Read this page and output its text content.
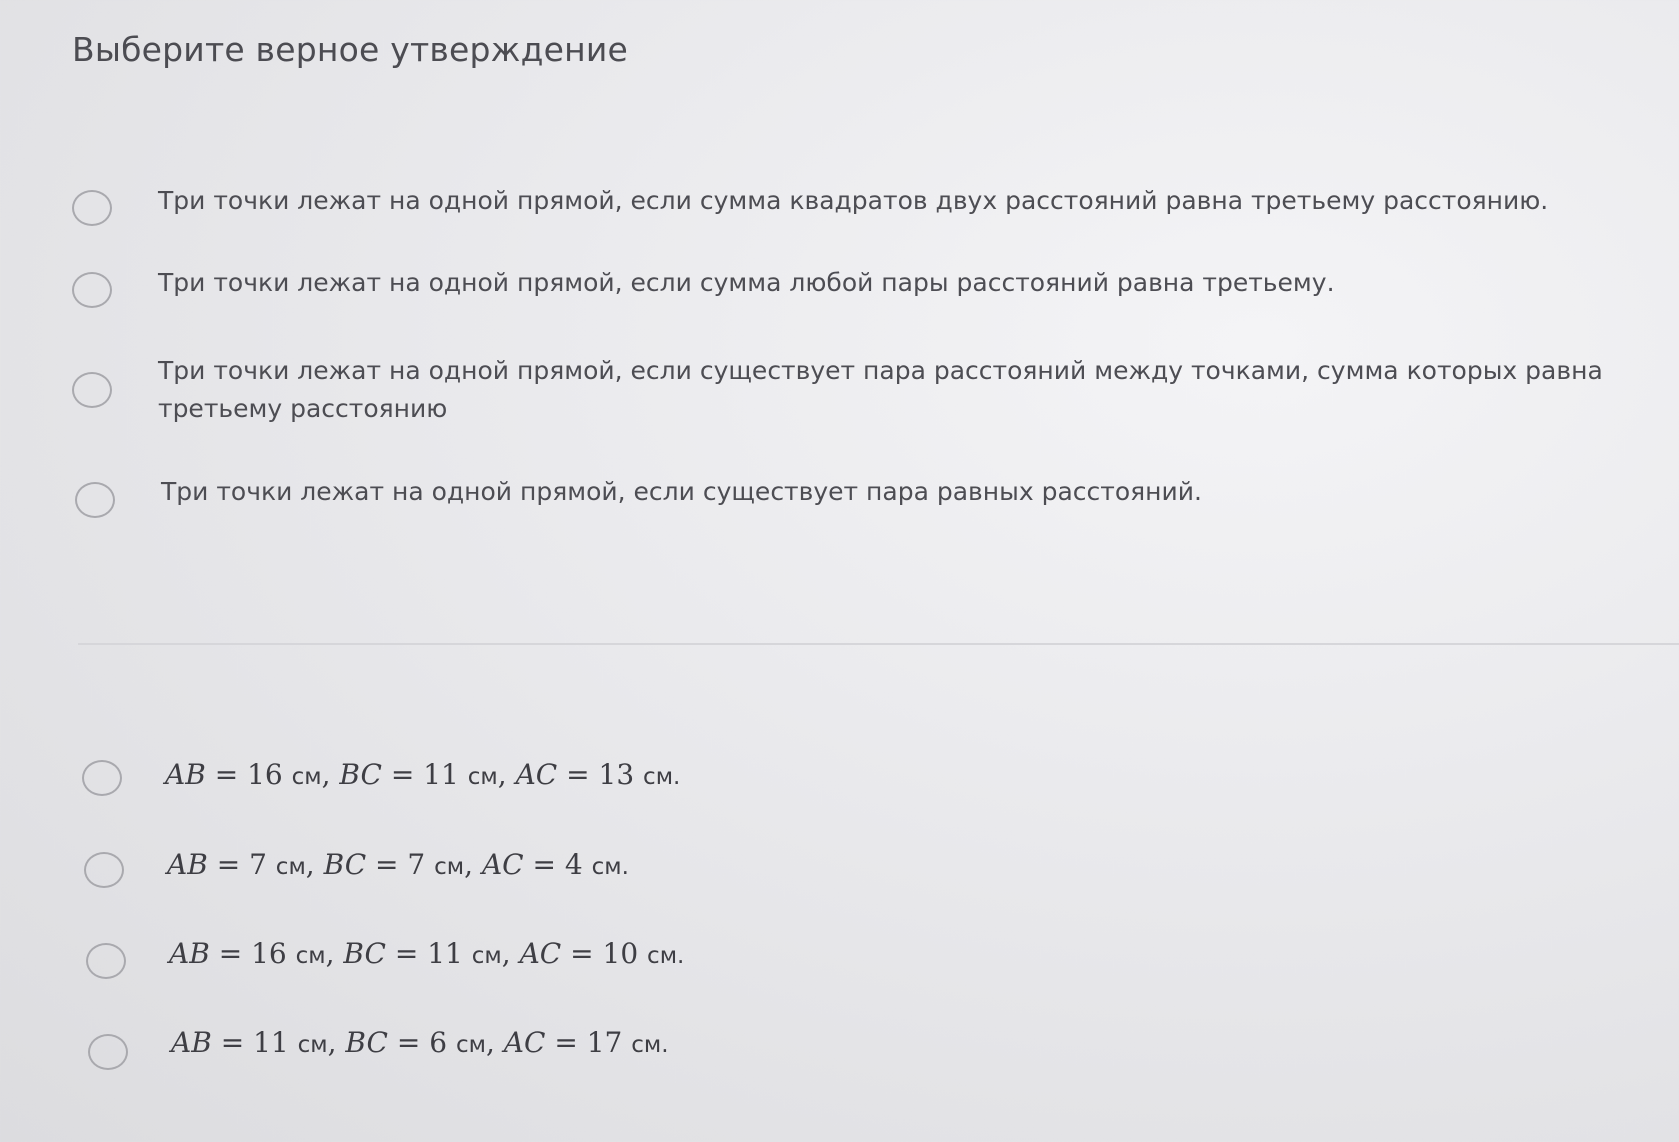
Выберите верное утверждение
Три точки лежат на одной прямой, если сумма квадратов двух расстояний равна третьему расстоянию.
Три точки лежат на одной прямой, если сумма любой пары расстояний равна третьему.
Три точки лежат на одной прямой, если существует пара расстояний между точками, сумма которых равна третьему расстоянию
Три точки лежат на одной прямой, если существует пара равных расстояний.
AB = 16 см, BC = 11 см, AC = 13 см.
AB = 7 см, BC = 7 см, AC = 4 см.
AB = 16 см, BC = 11 см, AC = 10 см.
AB = 11 см, BC = 6 см, AC = 17 см.
